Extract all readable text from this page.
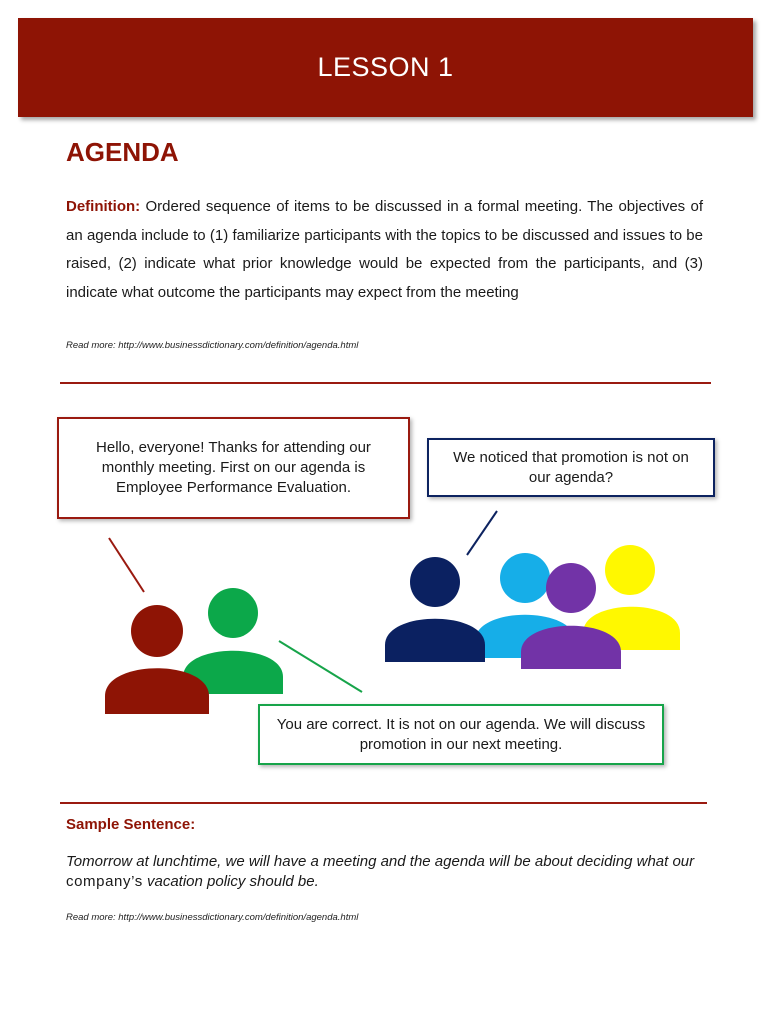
LESSON 1
AGENDA
Definition: Ordered sequence of items to be discussed in a formal meeting. The objectives of an agenda include to (1) familiarize participants with the topics to be discussed and issues to be raised, (2) indicate what prior knowledge would be expected from the participants, and (3) indicate what outcome the participants may expect from the meeting
Read more: http://www.businessdictionary.com/definition/agenda.html
Hello, everyone! Thanks for attending our monthly meeting. First on our agenda is Employee Performance Evaluation.
We noticed that promotion is not on our agenda?
You are correct. It is not on our agenda. We will discuss promotion in our next meeting.
Sample Sentence:
Tomorrow at lunchtime, we will have a meeting and the agenda will be about deciding what our company’s vacation policy should be.
Read more: http://www.businessdictionary.com/definition/agenda.html
